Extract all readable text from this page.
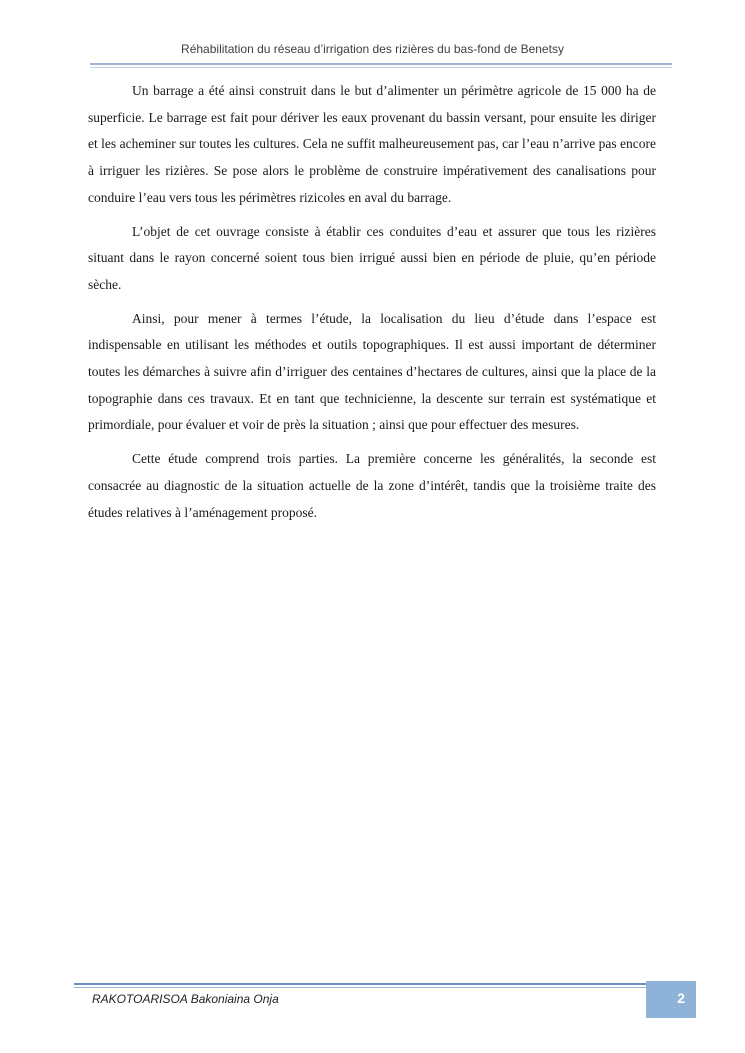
Réhabilitation du réseau d’irrigation des rizières du bas-fond de Benetsy

Un barrage a été ainsi construit dans le but d’alimenter un périmètre agricole de 15 000 ha de superficie. Le barrage est fait pour dériver les eaux provenant du bassin versant, pour ensuite les diriger et les acheminer sur toutes les cultures. Cela ne suffit malheureusement pas, car l’eau n’arrive pas encore à irriguer les rizières. Se pose alors le problème de construire impérativement des canalisations pour conduire l’eau vers tous les périmètres rizicoles en aval du barrage.

L’objet de cet ouvrage consiste à établir ces conduites d’eau et assurer que tous les rizières situant dans le rayon concerné soient tous bien irrigué aussi bien en période de pluie, qu’en période sèche.

Ainsi, pour mener à termes l’étude, la localisation du lieu d’étude dans l’espace est indispensable en utilisant les méthodes et outils topographiques. Il est aussi important de déterminer toutes les démarches à suivre afin d’irriguer des centaines d’hectares de cultures, ainsi que la place de la topographie dans ces travaux. Et en tant que technicienne, la descente sur terrain est systématique et primordiale, pour évaluer et voir de près la situation ; ainsi que pour effectuer des mesures.

Cette étude comprend trois parties. La première concerne les généralités, la seconde est consacrée au diagnostic de la situation actuelle de la zone d’intérêt, tandis que la troisième traite des études relatives à l’aménagement proposé.

RAKOTOARISOA Bakoniaina Onja	2
